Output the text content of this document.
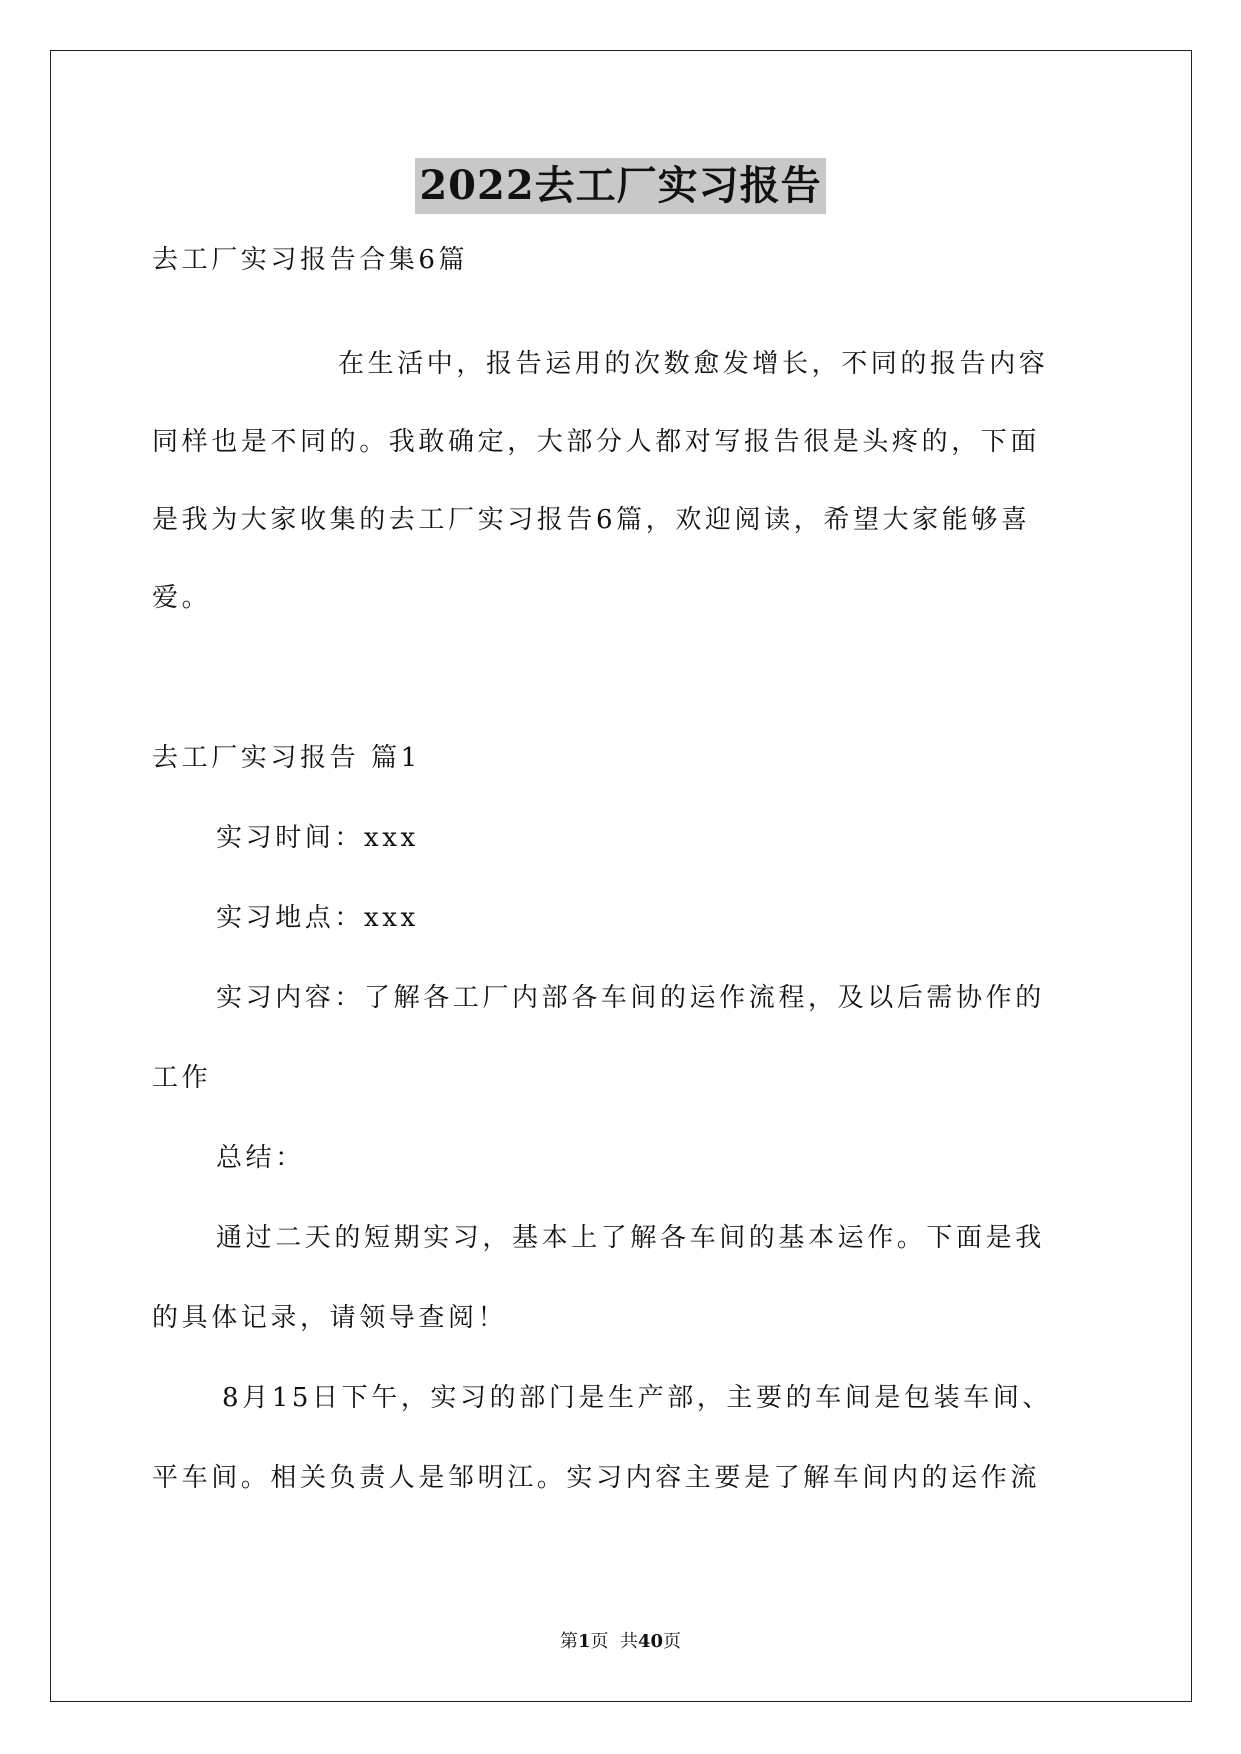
2022去工厂实习报告
去工厂实习报告合集6篇
在生活中，报告运用的次数愈发增长，不同的报告内容
同样也是不同的。我敢确定，大部分人都对写报告很是头疼的，下面
是我为大家收集的去工厂实习报告6篇，欢迎阅读，希望大家能够喜
爱。
去工厂实习报告 篇1
实习时间：xxx
实习地点：xxx
实习内容：了解各工厂内部各车间的运作流程，及以后需协作的
工作
总结：
通过二天的短期实习，基本上了解各车间的基本运作。下面是我
的具体记录，请领导查阅！
8月15日下午，实习的部门是生产部，主要的车间是包装车间、
平车间。相关负责人是邹明江。实习内容主要是了解车间内的运作流
第1页  共40页
